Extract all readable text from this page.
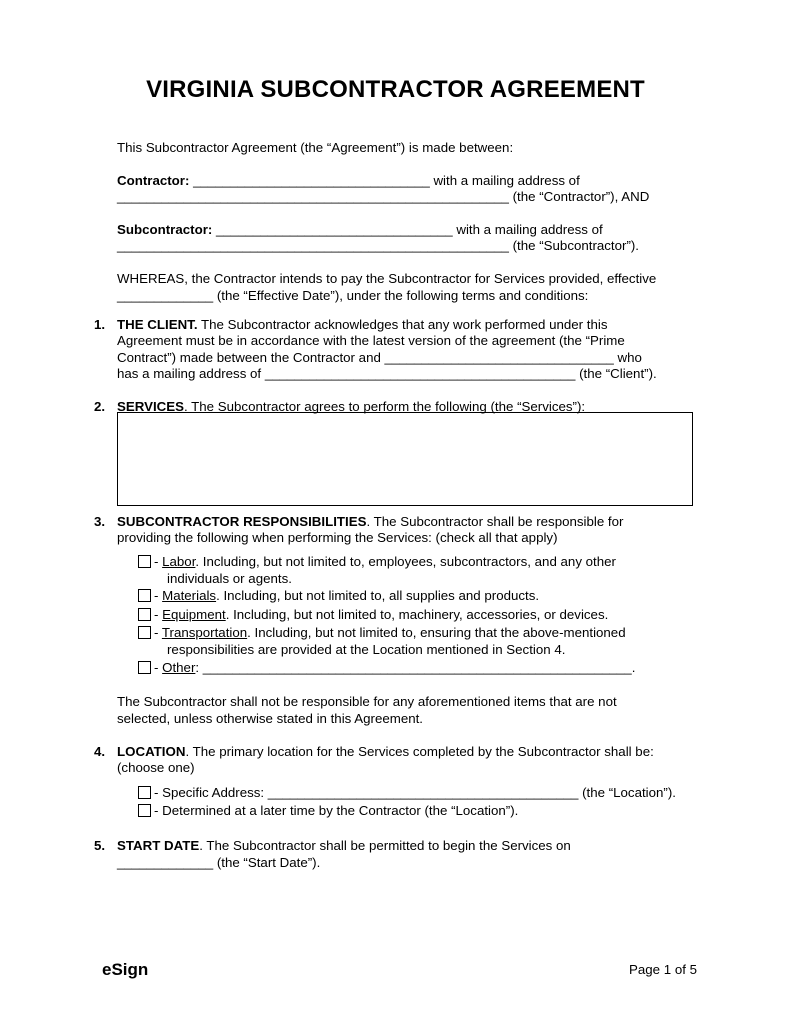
VIRGINIA SUBCONTRACTOR AGREEMENT
This Subcontractor Agreement (the “Agreement”) is made between:
Contractor: ________________________________ with a mailing address of
_____________________________________________________ (the “Contractor”), AND
Subcontractor: ________________________________ with a mailing address of
_____________________________________________________ (the “Subcontractor”).
WHEREAS, the Contractor intends to pay the Subcontractor for Services provided, effective
_____________ (the “Effective Date”), under the following terms and conditions:
1. THE CLIENT. The Subcontractor acknowledges that any work performed under this
Agreement must be in accordance with the latest version of the agreement (the “Prime
Contract”) made between the Contractor and _______________________________ who
has a mailing address of __________________________________________ (the “Client”).
2. SERVICES. The Subcontractor agrees to perform the following (the “Services”):
3. SUBCONTRACTOR RESPONSIBILITIES. The Subcontractor shall be responsible for
providing the following when performing the Services: (check all that apply)
- Labor. Including, but not limited to, employees, subcontractors, and any other
individuals or agents.
- Materials. Including, but not limited to, all supplies and products.
- Equipment. Including, but not limited to, machinery, accessories, or devices.
- Transportation. Including, but not limited to, ensuring that the above-mentioned
responsibilities are provided at the Location mentioned in Section 4.
- Other: __________________________________________________________.
The Subcontractor shall not be responsible for any aforementioned items that are not
selected, unless otherwise stated in this Agreement.
4. LOCATION. The primary location for the Services completed by the Subcontractor shall be:
(choose one)
- Specific Address: __________________________________________ (the “Location”).
- Determined at a later time by the Contractor (the “Location”).
5. START DATE. The Subcontractor shall be permitted to begin the Services on
_____________ (the “Start Date”).
eSign	Page 1 of 5
